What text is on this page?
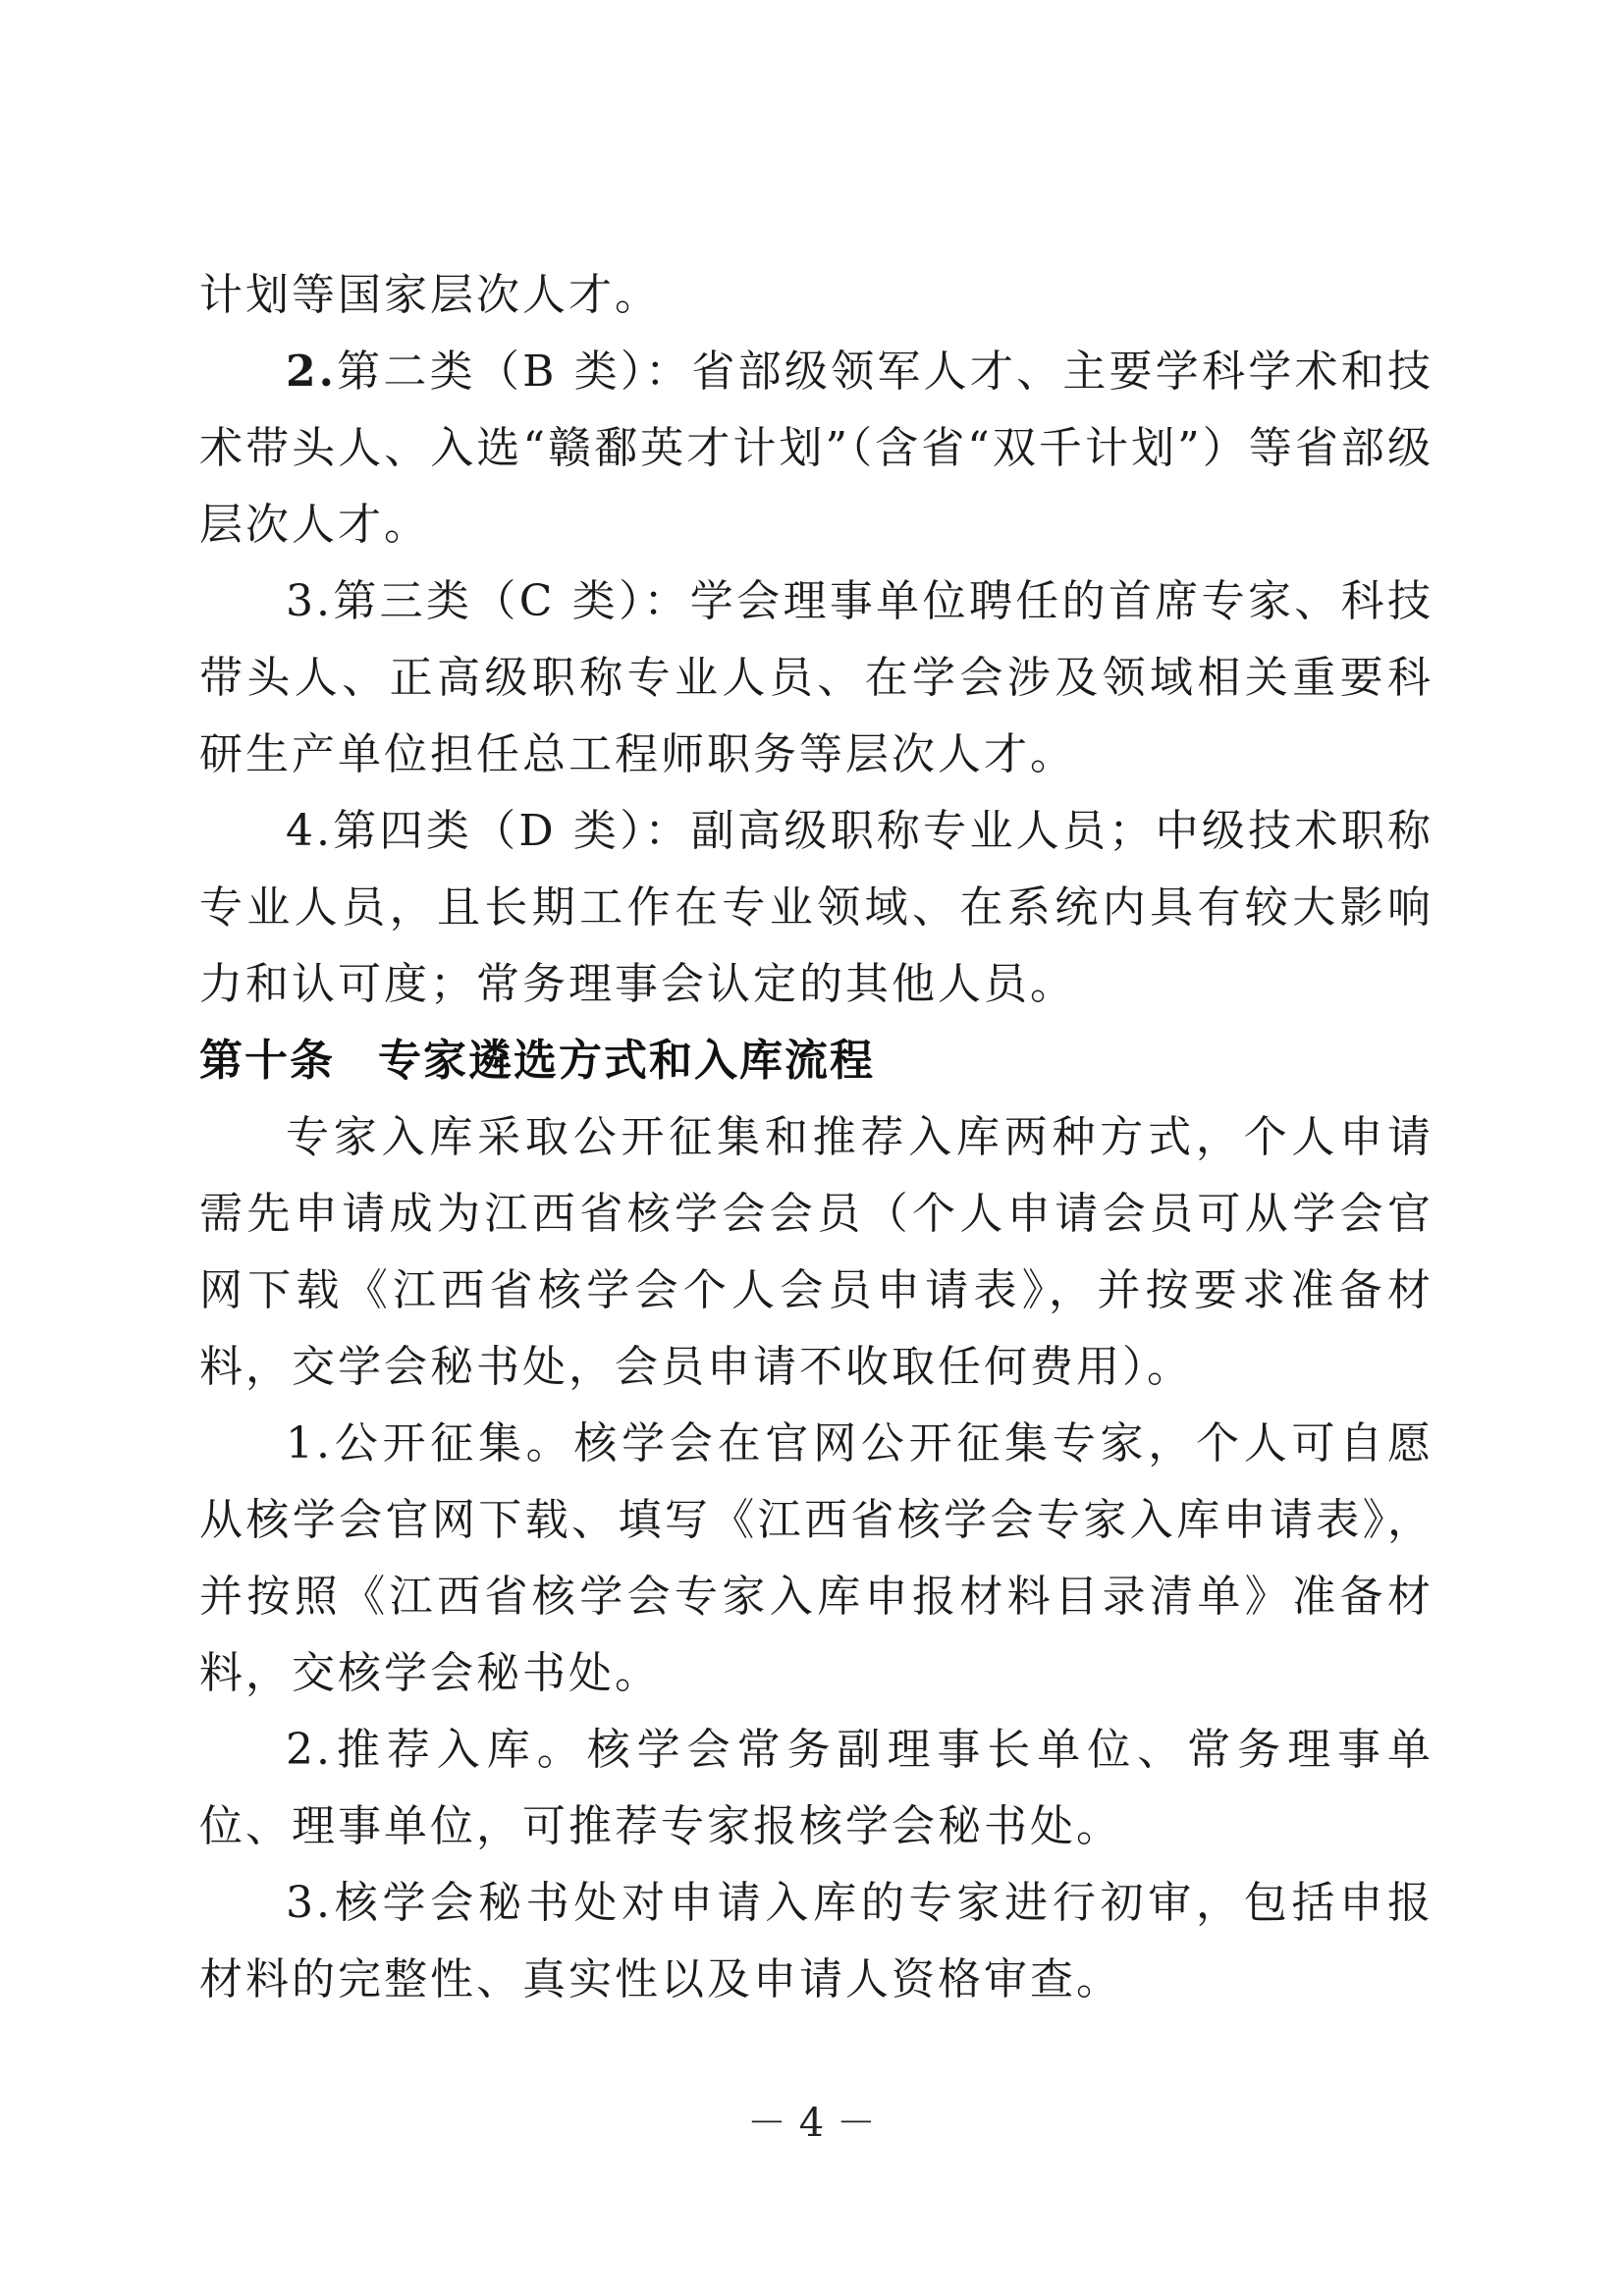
计划等国家层次人才。

2.第二类（B 类）：省部级领军人才、主要学科学术和技术带头人、入选“赣鄱英才计划”（含省“双千计划”）等省部级层次人才。

3.第三类（C 类）：学会理事单位聘任的首席专家、科技带头人、正高级职称专业人员、在学会涉及领域相关重要科研生产单位担任总工程师职务等层次人才。

4.第四类（D 类）：副高级职称专业人员；中级技术职称专业人员，且长期工作在专业领域、在系统内具有较大影响力和认可度；常务理事会认定的其他人员。

第十条 专家遴选方式和入库流程

专家入库采取公开征集和推荐入库两种方式，个人申请需先申请成为江西省核学会会员（个人申请会员可从学会官网下载《江西省核学会个人会员申请表》，并按要求准备材料，交学会秘书处，会员申请不收取任何费用）。

1.公开征集。核学会在官网公开征集专家，个人可自愿从核学会官网下载、填写《江西省核学会专家入库申请表》，并按照《江西省核学会专家入库申报材料目录清单》准备材料，交核学会秘书处。

2.推荐入库。核学会常务副理事长单位、常务理事单位、理事单位，可推荐专家报核学会秘书处。

3.核学会秘书处对申请入库的专家进行初审，包括申报材料的完整性、真实性以及申请人资格审查。

－ 4 －
